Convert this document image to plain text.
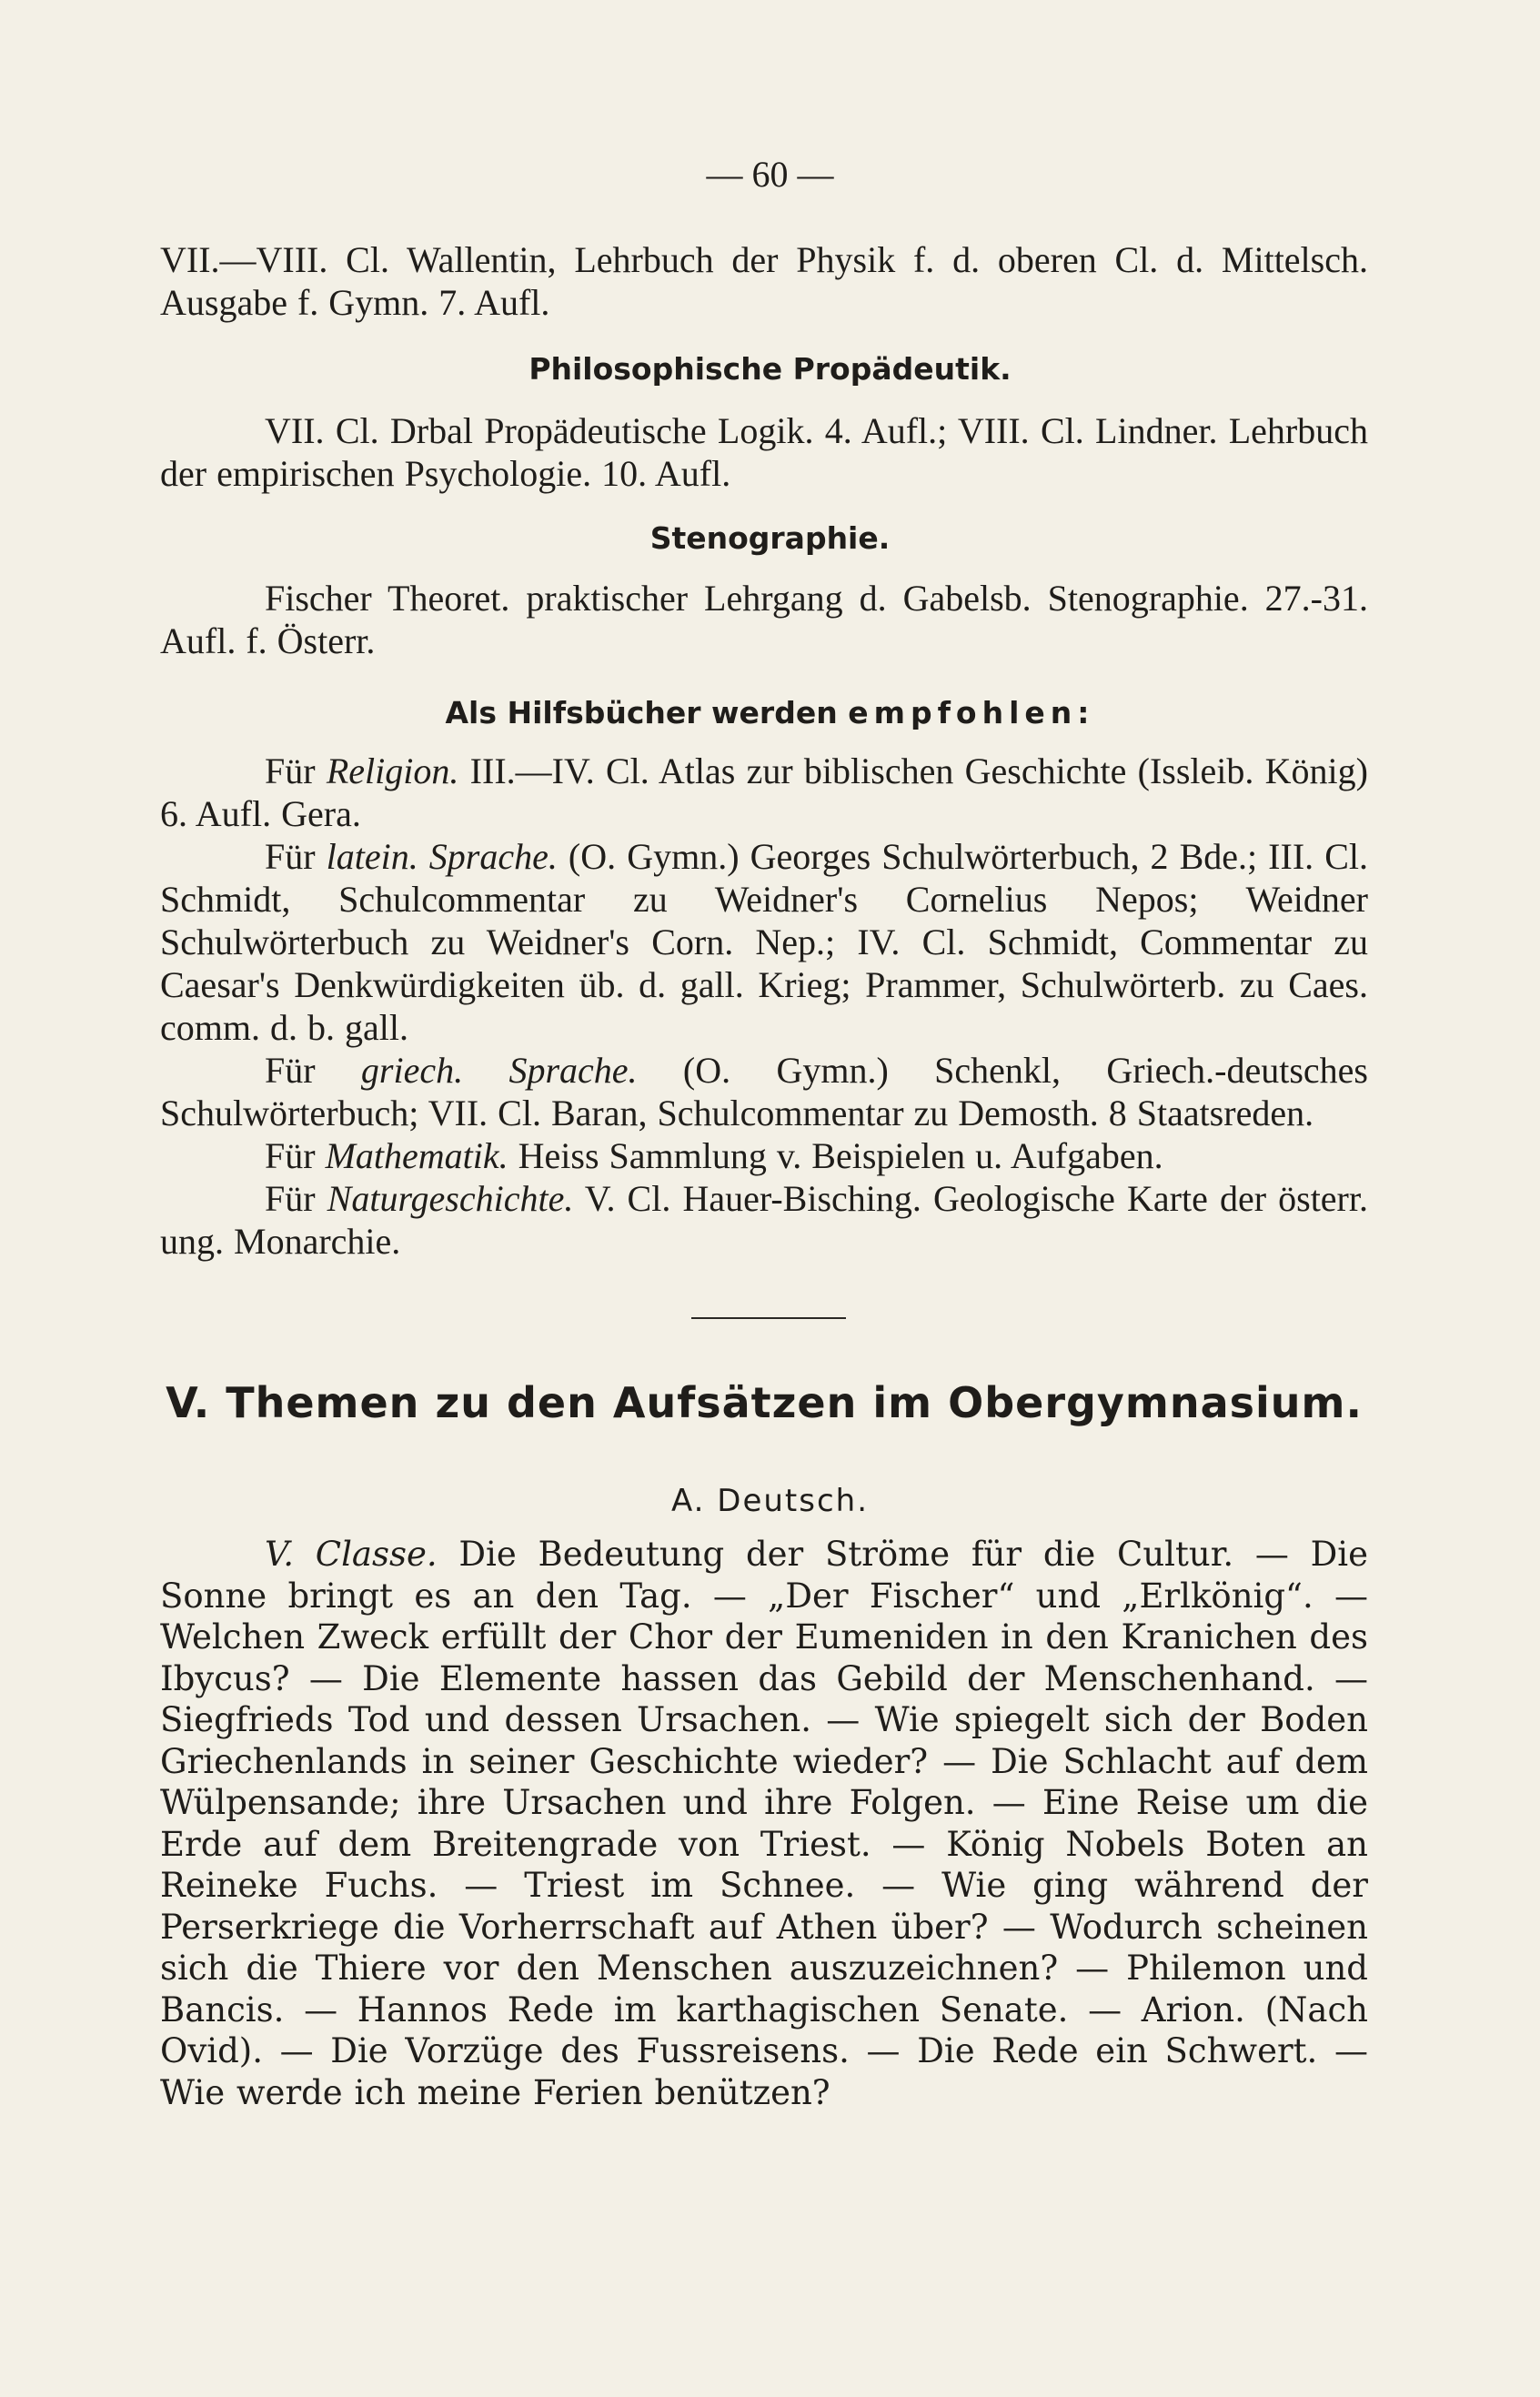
— 60 —

VII.—VIII. Cl. Wallentin, Lehrbuch der Physik f. d. oberen Cl. d. Mittelsch. Ausgabe f. Gymn. 7. Aufl.

Philosophische Propädeutik.

VII. Cl. Drbal Propädeutische Logik. 4. Aufl.; VIII. Cl. Lindner. Lehrbuch der empirischen Psychologie. 10. Aufl.

Stenographie.

Fischer Theoret. praktischer Lehrgang d. Gabelsb. Stenographie. 27.-31. Aufl. f. Österr.

Als Hilfsbücher werden empfohlen:

Für Religion. III.—IV. Cl. Atlas zur biblischen Geschichte (Issleib. König) 6. Aufl. Gera.

Für latein. Sprache. (O. Gymn.) Georges Schulwörterbuch, 2 Bde.; III. Cl. Schmidt, Schulcommentar zu Weidner's Cornelius Nepos; Weidner Schulwörterbuch zu Weidner's Corn. Nep.; IV. Cl. Schmidt, Commentar zu Caesar's Denkwürdigkeiten üb. d. gall. Krieg; Prammer, Schulwörterb. zu Caes. comm. d. b. gall.

Für griech. Sprache. (O. Gymn.) Schenkl, Griech.-deutsches Schulwörterbuch; VII. Cl. Baran, Schulcommentar zu Demosth. 8 Staatsreden.

Für Mathematik. Heiss Sammlung v. Beispielen u. Aufgaben.

Für Naturgeschichte. V. Cl. Hauer-Bisching. Geologische Karte der österr. ung. Monarchie.

V. Themen zu den Aufsätzen im Obergymnasium.
A. Deutsch.

V. Classe. Die Bedeutung der Ströme für die Cultur. — Die Sonne bringt es an den Tag. — „Der Fischer“ und „Erlkönig“. — Welchen Zweck erfüllt der Chor der Eumeniden in den Kranichen des Ibycus? — Die Elemente hassen das Gebild der Menschenhand. — Siegfrieds Tod und dessen Ursachen. — Wie spiegelt sich der Boden Griechenlands in seiner Geschichte wieder? — Die Schlacht auf dem Wülpensande; ihre Ursachen und ihre Folgen. — Eine Reise um die Erde auf dem Breitengrade von Triest. — König Nobels Boten an Reineke Fuchs. — Triest im Schnee. — Wie ging während der Perserkriege die Vorherrschaft auf Athen über? — Wodurch scheinen sich die Thiere vor den Menschen auszuzeichnen? — Philemon und Bancis. — Hannos Rede im karthagischen Senate. — Arion. (Nach Ovid). — Die Vorzüge des Fussreisens. — Die Rede ein Schwert. — Wie werde ich meine Ferien benützen?
